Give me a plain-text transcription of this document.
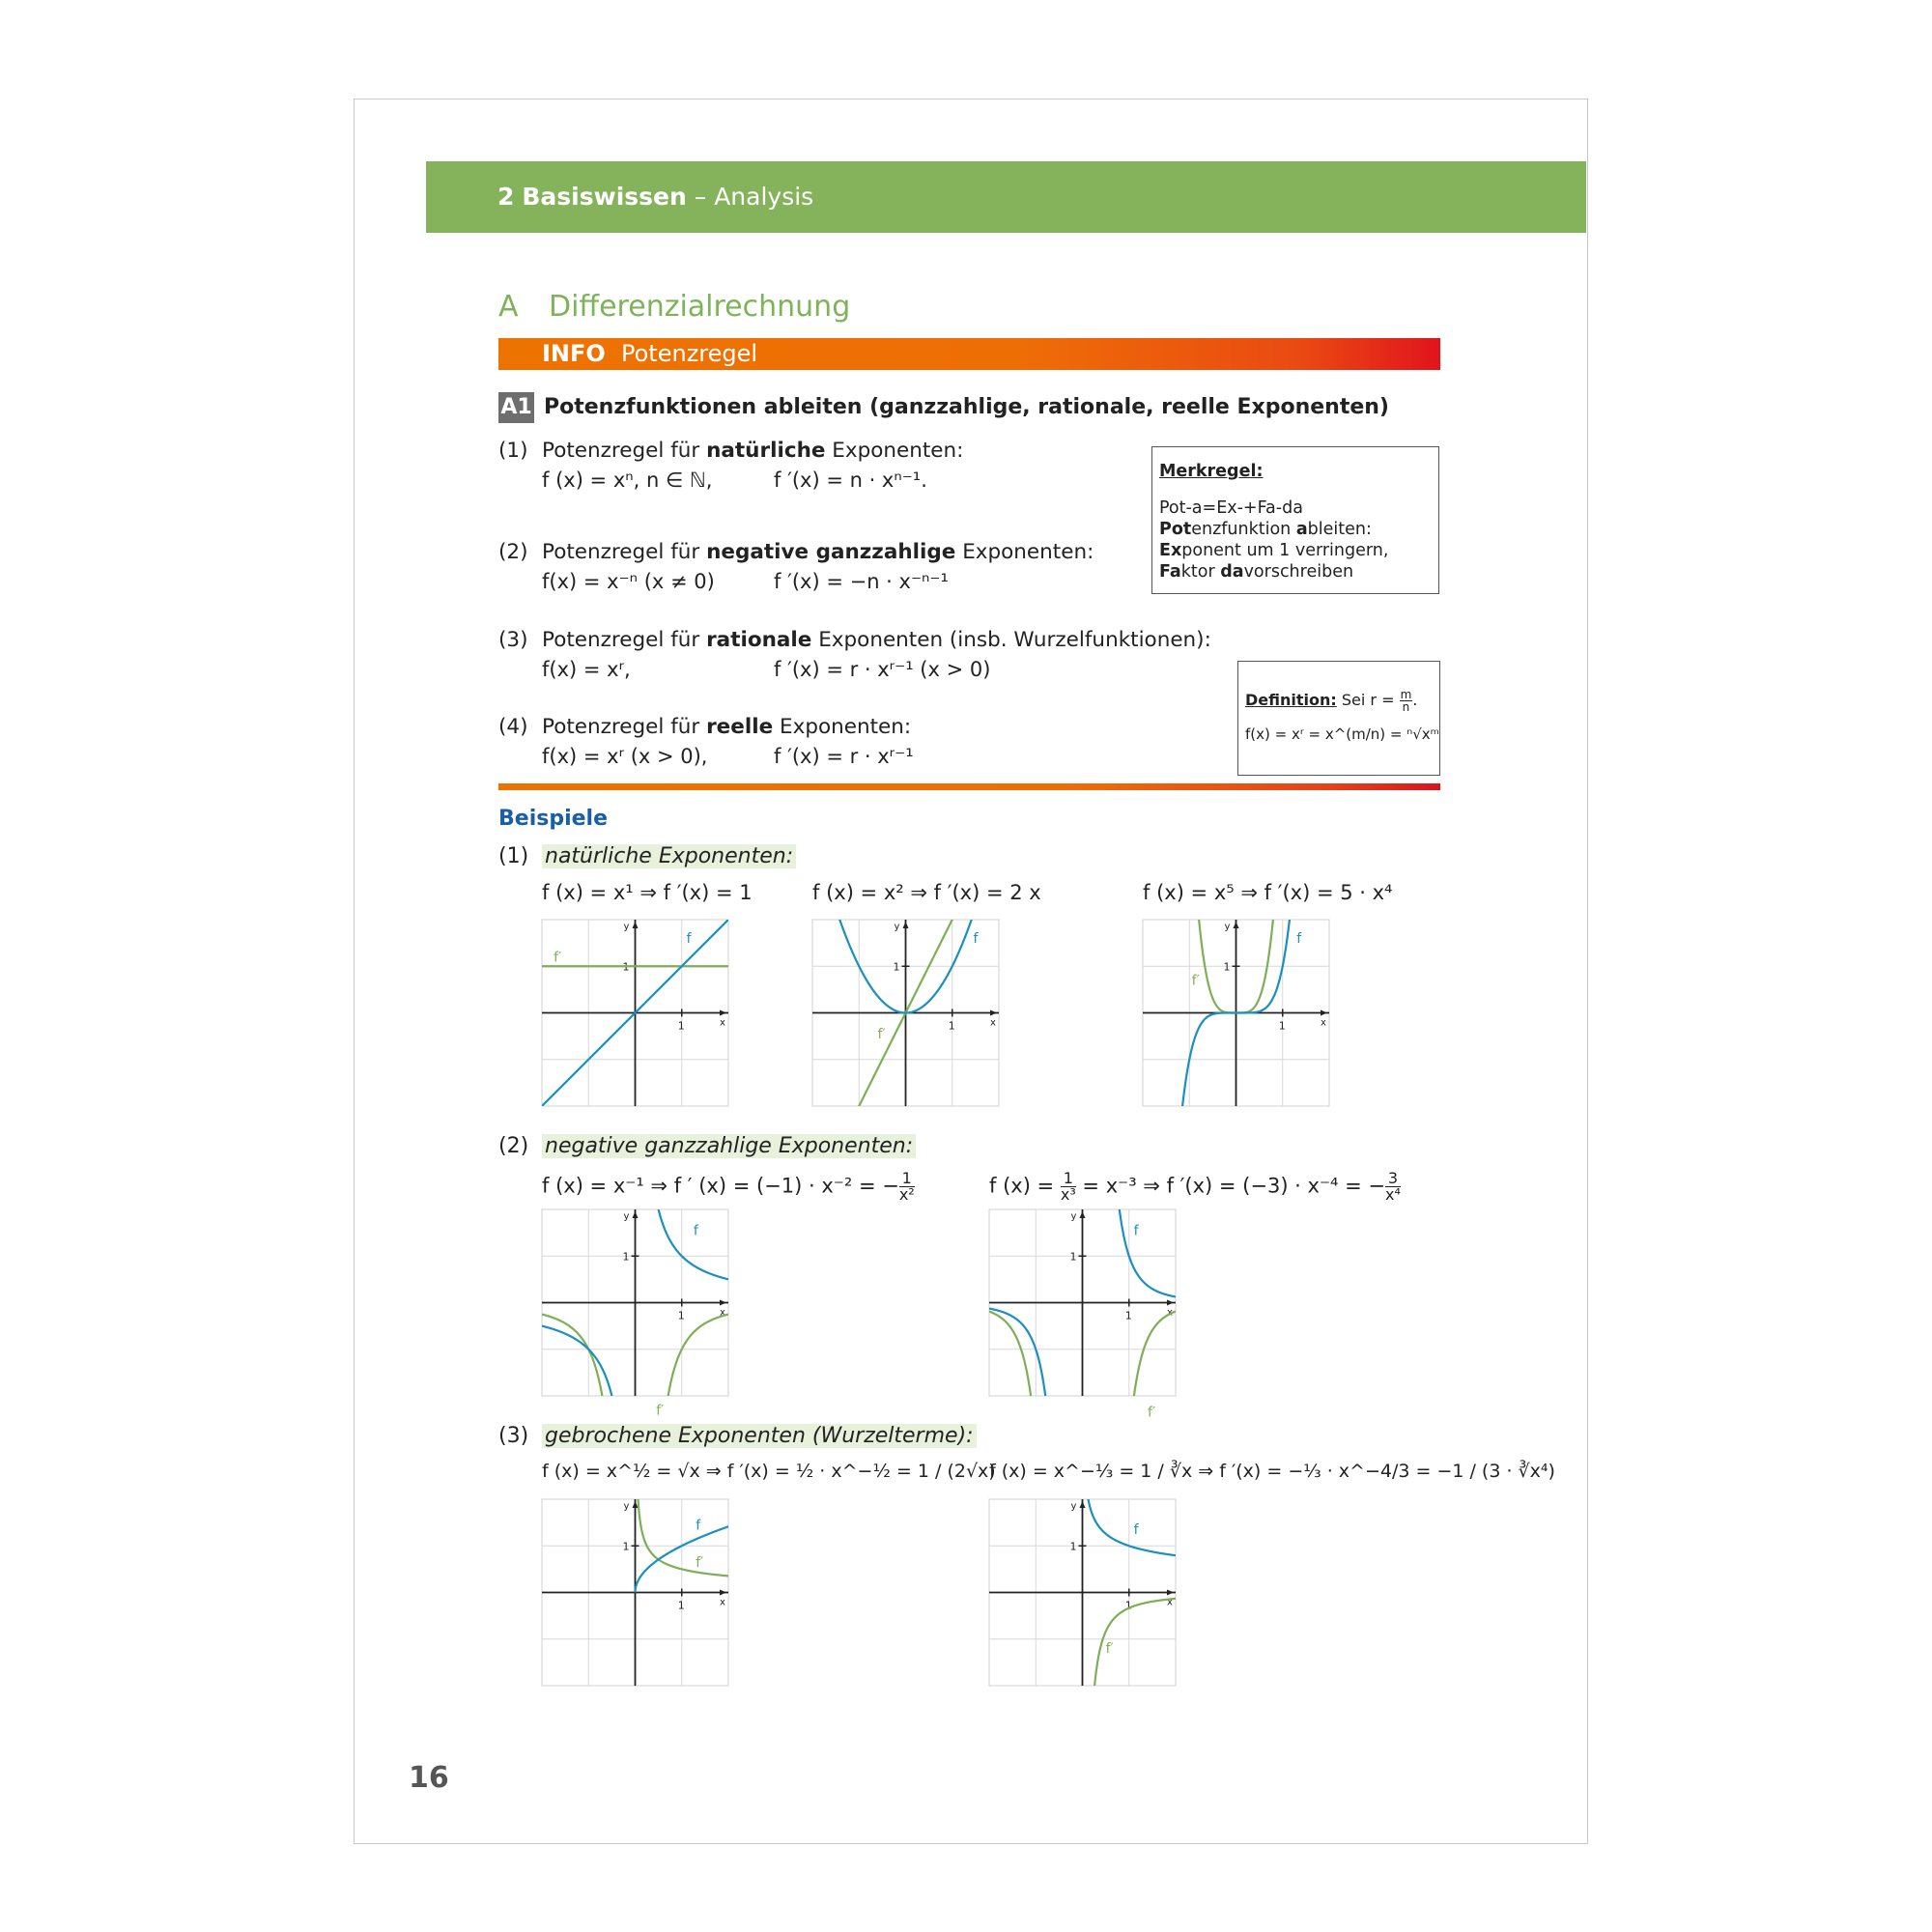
2 Basiswissen – Analysis
A Differenzialrechnung
INFO Potenzregel
A1 Potenzfunktionen ableiten (ganzzahlige, rationale, reelle Exponenten)
(1) Potenzregel für natürliche Exponenten:
f (x) = xⁿ, n ∈ ℕ,	f ′(x) = n · xⁿ⁻¹.
(2) Potenzregel für negative ganzzahlige Exponenten:
f(x) = x⁻ⁿ (x ≠ 0)	f ′(x) = −n · x⁻ⁿ⁻¹
(3) Potenzregel für rationale Exponenten (insb. Wurzelfunktionen):
f(x) = xʳ,	f ′(x) = r · xʳ⁻¹ (x > 0)
(4) Potenzregel für reelle Exponenten:
f(x) = xʳ (x > 0),	f ′(x) = r · xʳ⁻¹
Merkregel:
Pot-a=Ex-+Fa-da
Potenzfunktion ableiten:
Exponent um 1 verringern,
Faktor davorschreiben
Definition: Sei $r = \frac{m}{n}$ .
f(x) = xʳ = x^(m/n) = ⁿ√xᵐ
Beispiele
(1) natürliche Exponenten:
f (x) = x¹ ⇒ f ′(x) = 1	f (x) = x² ⇒ f ′(x) = 2 x	f (x) = x⁵ ⇒ f ′(x) = 5 · x⁴
1
1
x
y
f
f′
1
1
x
y
f
f′
1
1
x
y
f
f′
(2) negative ganzzahlige Exponenten:
f (x) = x⁻¹ ⇒ f ′ (x) = (−1) · x⁻² = − $\frac{1}{\text{x²}}$	f $(x) = \frac{1}{\text{x³}} = x^{-3}$ ⇒ f ′(x) = (−3) · x⁻⁴ = − $\frac{3}{\text{x⁴}}$
1
1
x
y
f
f′
1
1
x
y
f
f′
(3) gebrochene Exponenten (Wurzelterme):
f (x) = x^½ = √x ⇒ f ′(x) = ½ · x^−½ = 1 / (2√x)
f (x) = x^−⅓ = 1 / ∛x ⇒ f ′(x) = −⅓ · x^−4/3 = −1 / (3 · ∛x⁴)
1
1
x
y
f
f′
1
1
x
y
f
f′
16
